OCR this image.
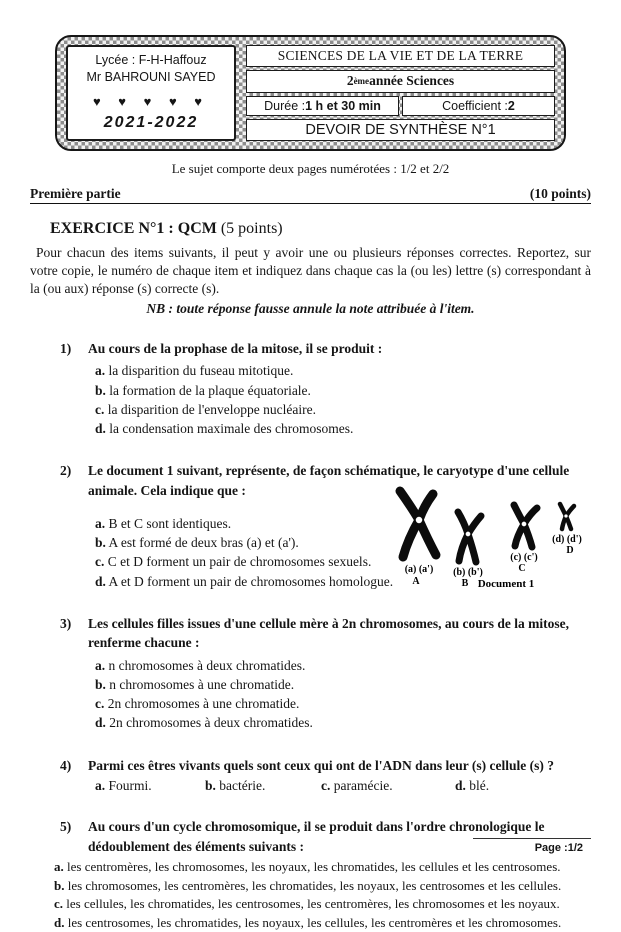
Lycée : F-H-Haffouz
Mr BAHROUNI SAYED
♥ ♥ ♥ ♥ ♥
2021-2022
SCIENCES DE LA VIE ET DE LA TERRE
2 ème année Sciences
Durée : 1 h et 30 min	Coefficient : 2
DEVOIR DE SYNTHÈSE N°1
Le sujet comporte deux pages numérotées : 1/2 et 2/2
Première partie	(10 points)
EXERCICE N°1 : QCM (5 points)

Pour chacun des items suivants, il peut y avoir une ou plusieurs réponses correctes. Reportez, sur votre copie, le numéro de chaque item et indiquez dans chaque cas la (ou les) lettre (s) correspondant à la (ou aux) réponse (s) correcte (s).

NB : toute réponse fausse annule la note attribuée à l'item.

1)	Au cours de la prophase de la mitose, il se produit :
a. la disparition du fuseau mitotique.
b. la formation de la plaque équatoriale.
c. la disparition de l'enveloppe nucléaire.
d. la condensation maximale des chromosomes.
2)	Le document 1 suivant, représente, de façon schématique, le caryotype d'une cellule animale. Cela indique que :
a. B et C sont identiques.
b. A est formé de deux bras (a) et (a').
c. C et D forment un pair de chromosomes sexuels.
d. A et D forment un pair de chromosomes homologue.
(a) (a')
A
(b) (b')
B
(c) (c')
C
(d) (d')
D
Document 1
3)	Les cellules filles issues d'une cellule mère à 2n chromosomes, au cours de la mitose, renferme chacune :
a. n chromosomes à deux chromatides.
b. n chromosomes à une chromatide.
c. 2n chromosomes à une chromatide.
d. 2n chromosomes à deux chromatides.
4)	Parmi ces êtres vivants quels sont ceux qui ont de l'ADN dans leur (s) cellule (s) ?
a. Fourmi.	b. bactérie.	c. paramécie.	d. blé.
5)	Au cours d'un cycle chromosomique, il se produit dans l'ordre chronologique le dédoublement des éléments suivants :
a. les centromères, les chromosomes, les noyaux, les chromatides, les cellules et les centrosomes.
b. les chromosomes, les centromères, les chromatides, les noyaux, les centrosomes et les cellules.
c. les cellules, les chromatides, les centrosomes, les centromères, les chromosomes et les noyaux.
d. les centrosomes, les chromatides, les noyaux, les cellules, les centromères et les chromosomes.
Page :1/2
